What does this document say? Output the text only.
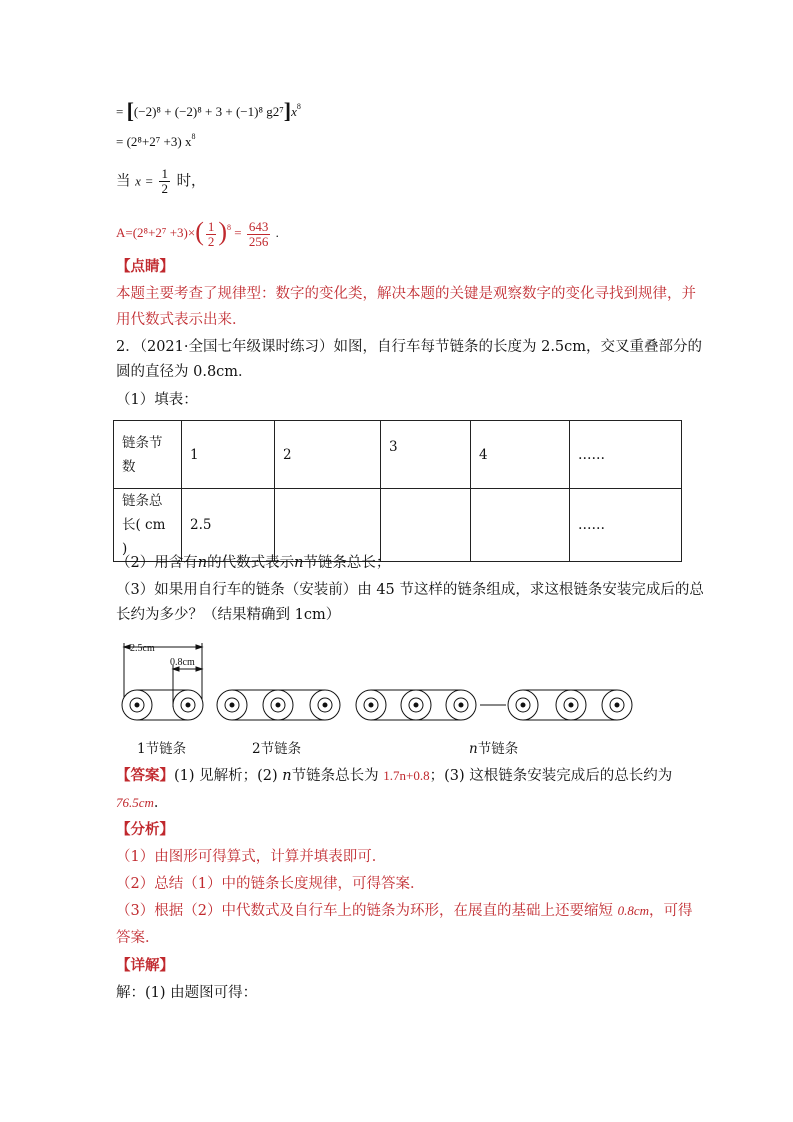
= [(−2)⁸ + (−2)⁸ + 3 + (−1)⁸ $g2^7]x^8$
= (2⁸+2⁷ +3) $x^8$
当 $x = \frac{1}{2}$ 时，
$A=(2^8+2^7 +3)\times( \frac{1}{2} )^8 = \frac{643}{256}$ .
【点睛】
本题主要考查了规律型：数字的变化类，解决本题的关键是观察数字的变化寻找到规律，并
用代数式表示出来．
2．（2021·全国七年级课时练习）如图，自行车每节链条的长度为 2.5cm，交叉重叠部分的
圆的直径为 0.8cm．
（1）填表：
链条节
数	1	2	3	4	……

链条总
长( cm )	2.5				……
（2）用含有n的代数式表示n节链条总长；
（3）如果用自行车的链条（安装前）由 45 节这样的链条组成，求这根链条安装完成后的总
长约为多少？（结果精确到 1cm）
2.5cm
0.8cm
1节链条	2节链条	n节链条
【答案】(1) 见解析；(2) n节链条总长为 1.7n+0.8；(3) 这根链条安装完成后的总长约为
76.5cm．
【分析】
（1）由图形可得算式，计算并填表即可．
（2）总结（1）中的链条长度规律，可得答案．
（3）根据（2）中代数式及自行车上的链条为环形，在展直的基础上还要缩短 0.8cm，可得
答案．
【详解】
解：(1) 由题图可得：
